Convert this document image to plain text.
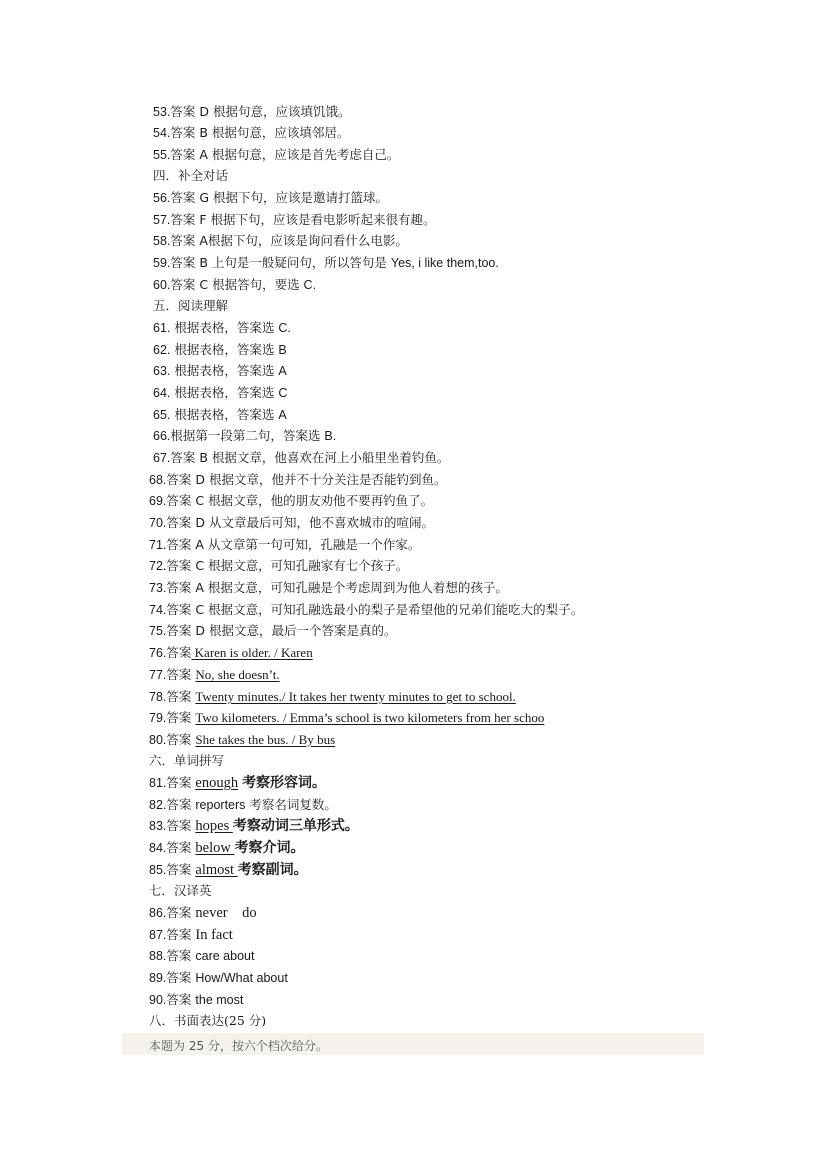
53.答案 D 根据句意，应该填饥饿。
54.答案 B 根据句意，应该填邻居。
55.答案 A 根据句意，应该是首先考虑自己。
四．补全对话
56.答案 G 根据下句，应该是邀请打篮球。
57.答案 F 根据下句，应该是看电影听起来很有趣。
58.答案 A根据下句，应该是询问看什么电影。
59.答案 B 上句是一般疑问句，所以答句是 Yes, i like them,too.
60.答案 C 根据答句，要选 C.
五．阅读理解
61. 根据表格，答案选 C.
62. 根据表格，答案选 B
63. 根据表格，答案选 A
64. 根据表格，答案选 C
65. 根据表格，答案选 A
66.根据第一段第二句，答案选 B.
67.答案 B 根据文章，他喜欢在河上小船里坐着钓鱼。
68.答案 D 根据文章，他并不十分关注是否能钓到鱼。
69.答案 C 根据文章，他的朋友劝他不要再钓鱼了。
70.答案 D 从文章最后可知，他不喜欢城市的喧闹。
71.答案 A 从文章第一句可知，孔融是一个作家。
72.答案 C 根据文意，可知孔融家有七个孩子。
73.答案 A 根据文意，可知孔融是个考虑周到为他人着想的孩子。
74.答案 C 根据文意，可知孔融选最小的梨子是希望他的兄弟们能吃大的梨子。
75.答案 D 根据文意，最后一个答案是真的。
76.答案 Karen is older. / Karen
77.答案 No, she doesn’t.
78.答案 Twenty minutes./ It takes her twenty minutes to get to school.
79.答案 Two kilometers. / Emma’s school is two kilometers from her schoo
80.答案 She takes the bus. / By bus
六．单词拼写
81.答案 enough 考察形容词。
82.答案 reporters 考察名词复数。
83.答案 hopes 考察动词三单形式。
84.答案 below 考察介词。
85.答案 almost 考察副词。
七．汉译英
86.答案 never    do
87.答案 In fact
88.答案 care about
89.答案 How/What about
90.答案 the most
八．书面表达(25 分)
本题为 25 分，按六个档次给分。
